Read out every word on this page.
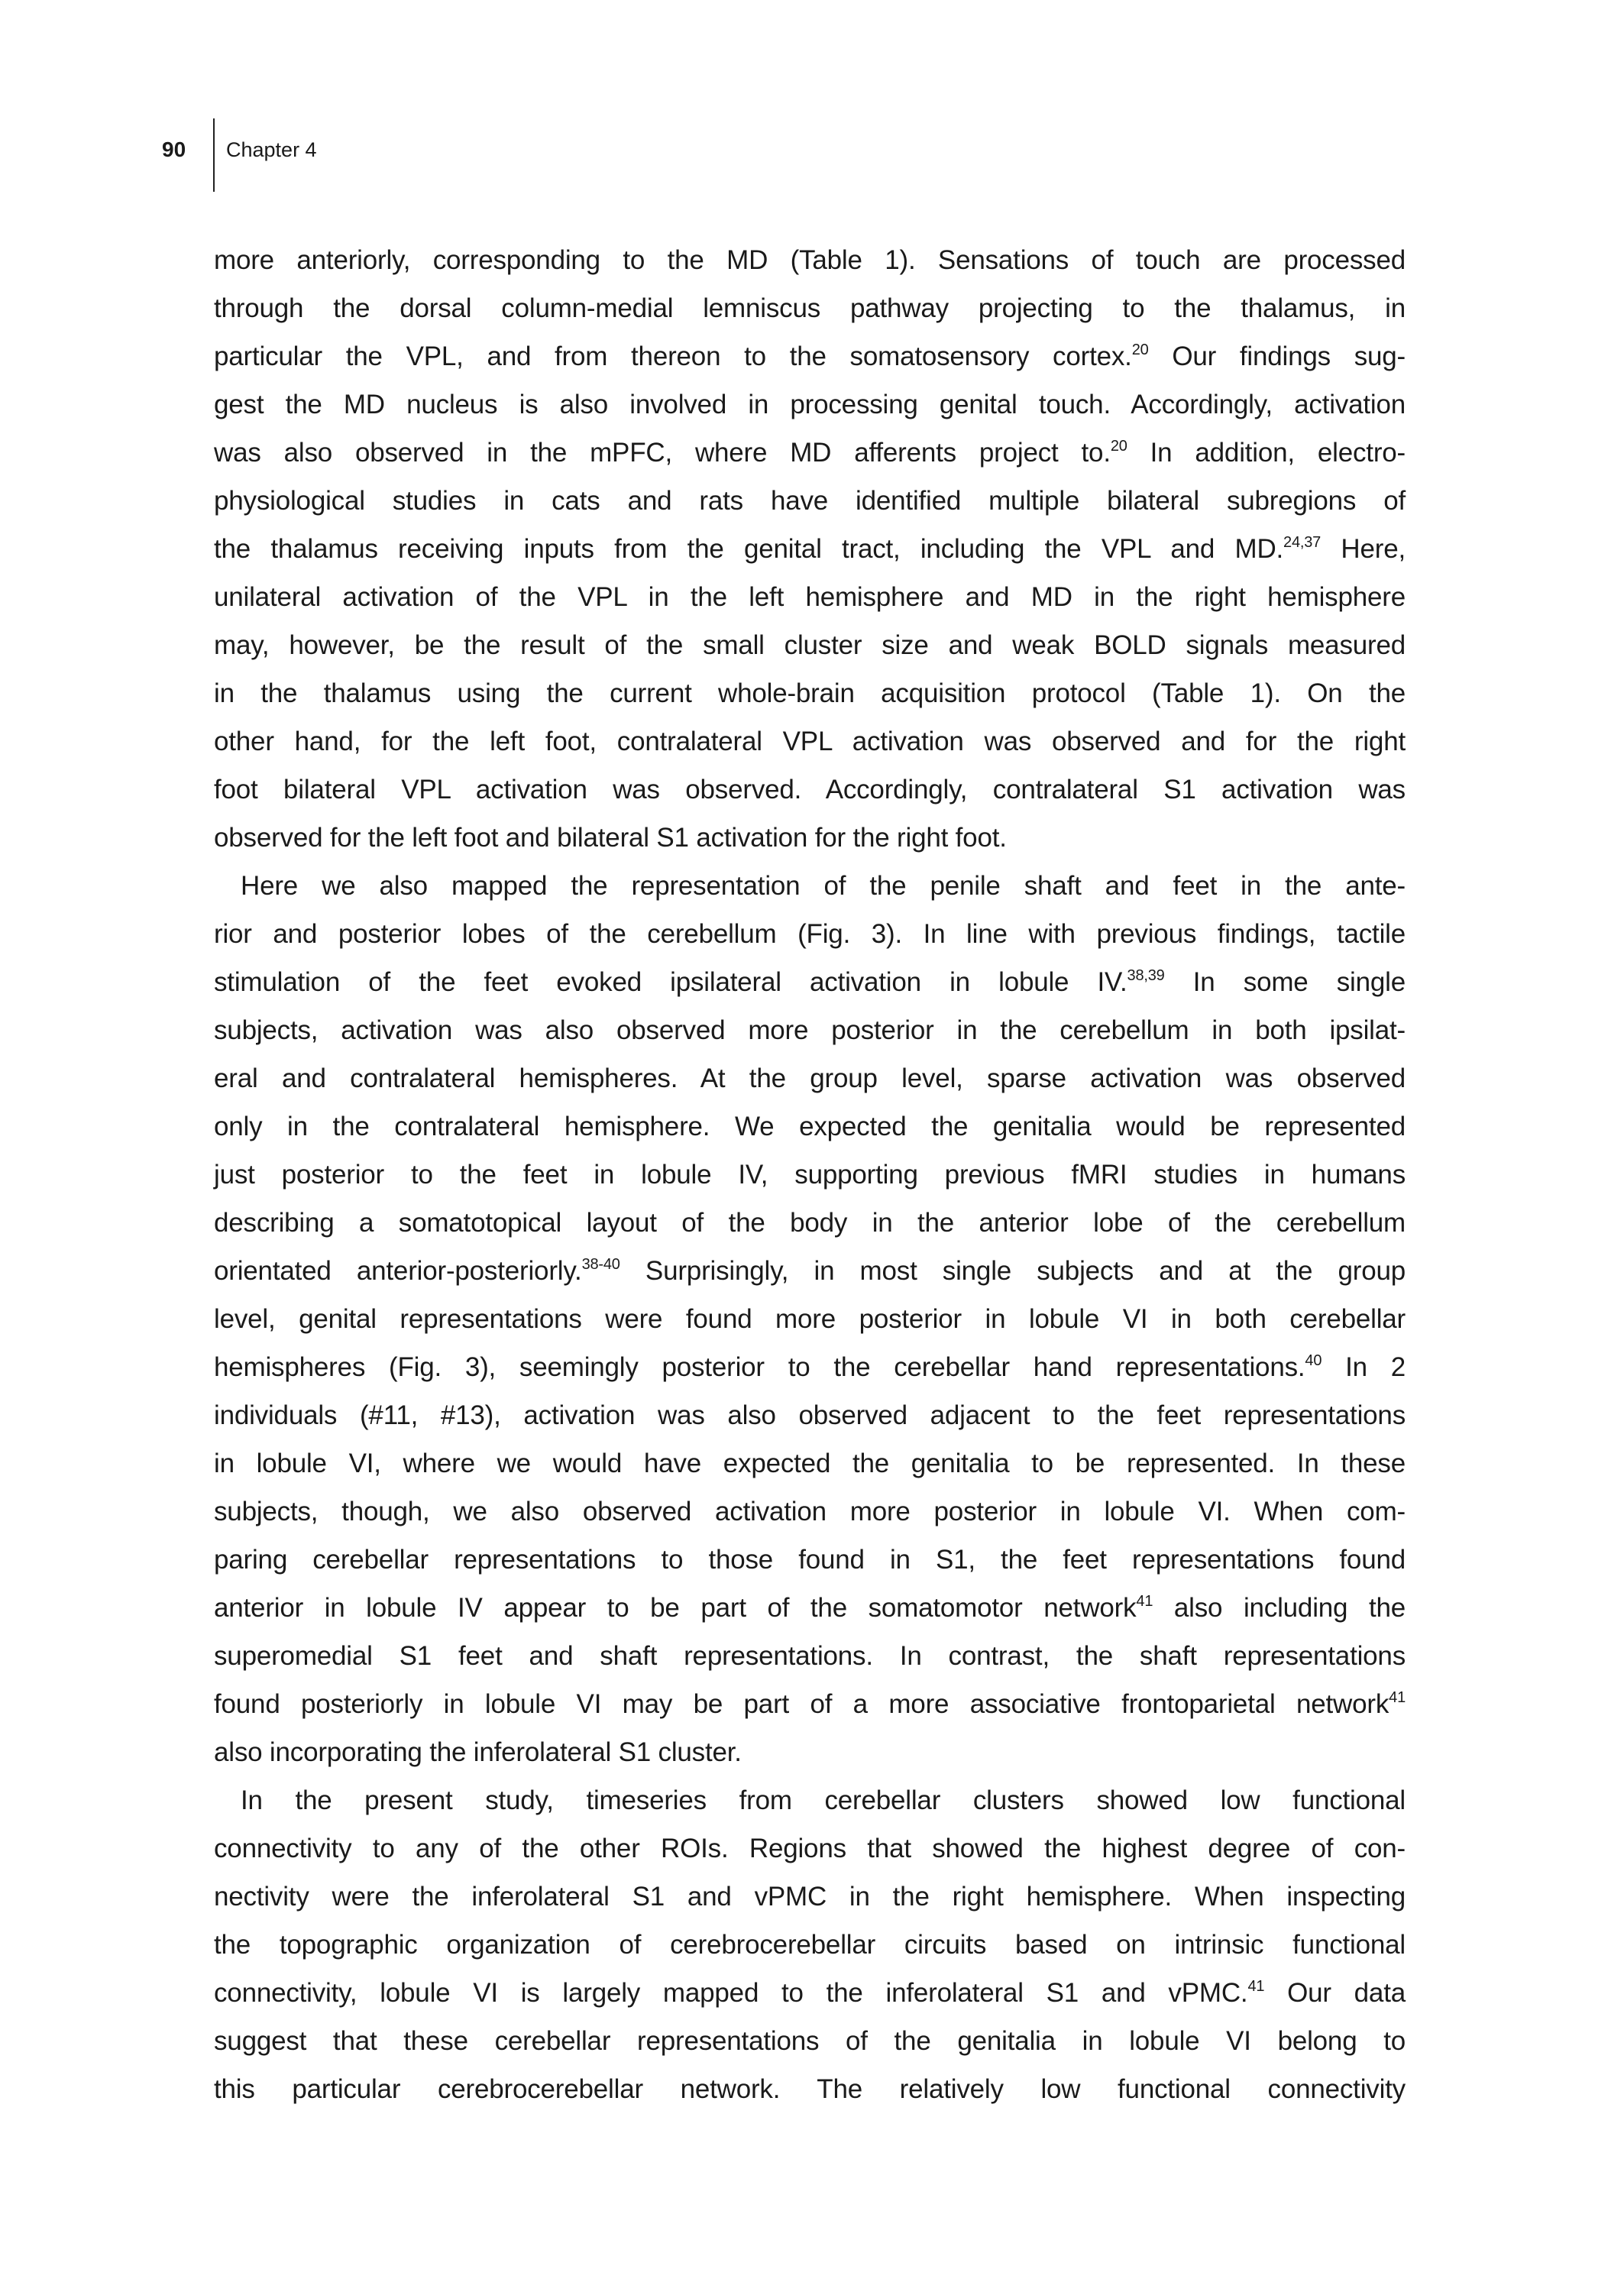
90 Chapter 4
more anteriorly, corresponding to the MD (Table 1). Sensations of touch are processed
through the dorsal column-medial lemniscus pathway projecting to the thalamus, in
particular the VPL, and from thereon to the somatosensory cortex.$^{20}$ Our findings sug-
gest the MD nucleus is also involved in processing genital touch. Accordingly, activation
was also observed in the mPFC, where MD afferents project to.$^{20}$ In addition, electro-
physiological studies in cats and rats have identified multiple bilateral subregions of
the thalamus receiving inputs from the genital tract, including the VPL and MD.$^{24,37}$ Here,
unilateral activation of the VPL in the left hemisphere and MD in the right hemisphere
may, however, be the result of the small cluster size and weak BOLD signals measured
in the thalamus using the current whole-brain acquisition protocol (Table 1). On the
other hand, for the left foot, contralateral VPL activation was observed and for the right
foot bilateral VPL activation was observed. Accordingly, contralateral S1 activation was
observed for the left foot and bilateral S1 activation for the right foot.
Here we also mapped the representation of the penile shaft and feet in the ante-
rior and posterior lobes of the cerebellum (Fig. 3). In line with previous findings, tactile
stimulation of the feet evoked ipsilateral activation in lobule IV.$^{38,39}$ In some single
subjects, activation was also observed more posterior in the cerebellum in both ipsilat-
eral and contralateral hemispheres. At the group level, sparse activation was observed
only in the contralateral hemisphere. We expected the genitalia would be represented
just posterior to the feet in lobule IV, supporting previous fMRI studies in humans
describing a somatotopical layout of the body in the anterior lobe of the cerebellum
orientated anterior-posteriorly.$^{38-40}$ Surprisingly, in most single subjects and at the group
level, genital representations were found more posterior in lobule VI in both cerebellar
hemispheres (Fig. 3), seemingly posterior to the cerebellar hand representations.$^{40}$ In 2
individuals (#11, #13), activation was also observed adjacent to the feet representations
in lobule VI, where we would have expected the genitalia to be represented. In these
subjects, though, we also observed activation more posterior in lobule VI. When com-
paring cerebellar representations to those found in S1, the feet representations found
anterior in lobule IV appear to be part of the somatomotor network$^{41}$ also including the
superomedial S1 feet and shaft representations. In contrast, the shaft representations
found posteriorly in lobule VI may be part of a more associative frontoparietal network$^{41}$
also incorporating the inferolateral S1 cluster.
In the present study, timeseries from cerebellar clusters showed low functional
connectivity to any of the other ROIs. Regions that showed the highest degree of con-
nectivity were the inferolateral S1 and vPMC in the right hemisphere. When inspecting
the topographic organization of cerebrocerebellar circuits based on intrinsic functional
connectivity, lobule VI is largely mapped to the inferolateral S1 and vPMC.$^{41}$ Our data
suggest that these cerebellar representations of the genitalia in lobule VI belong to
this particular cerebrocerebellar network. The relatively low functional connectivity
